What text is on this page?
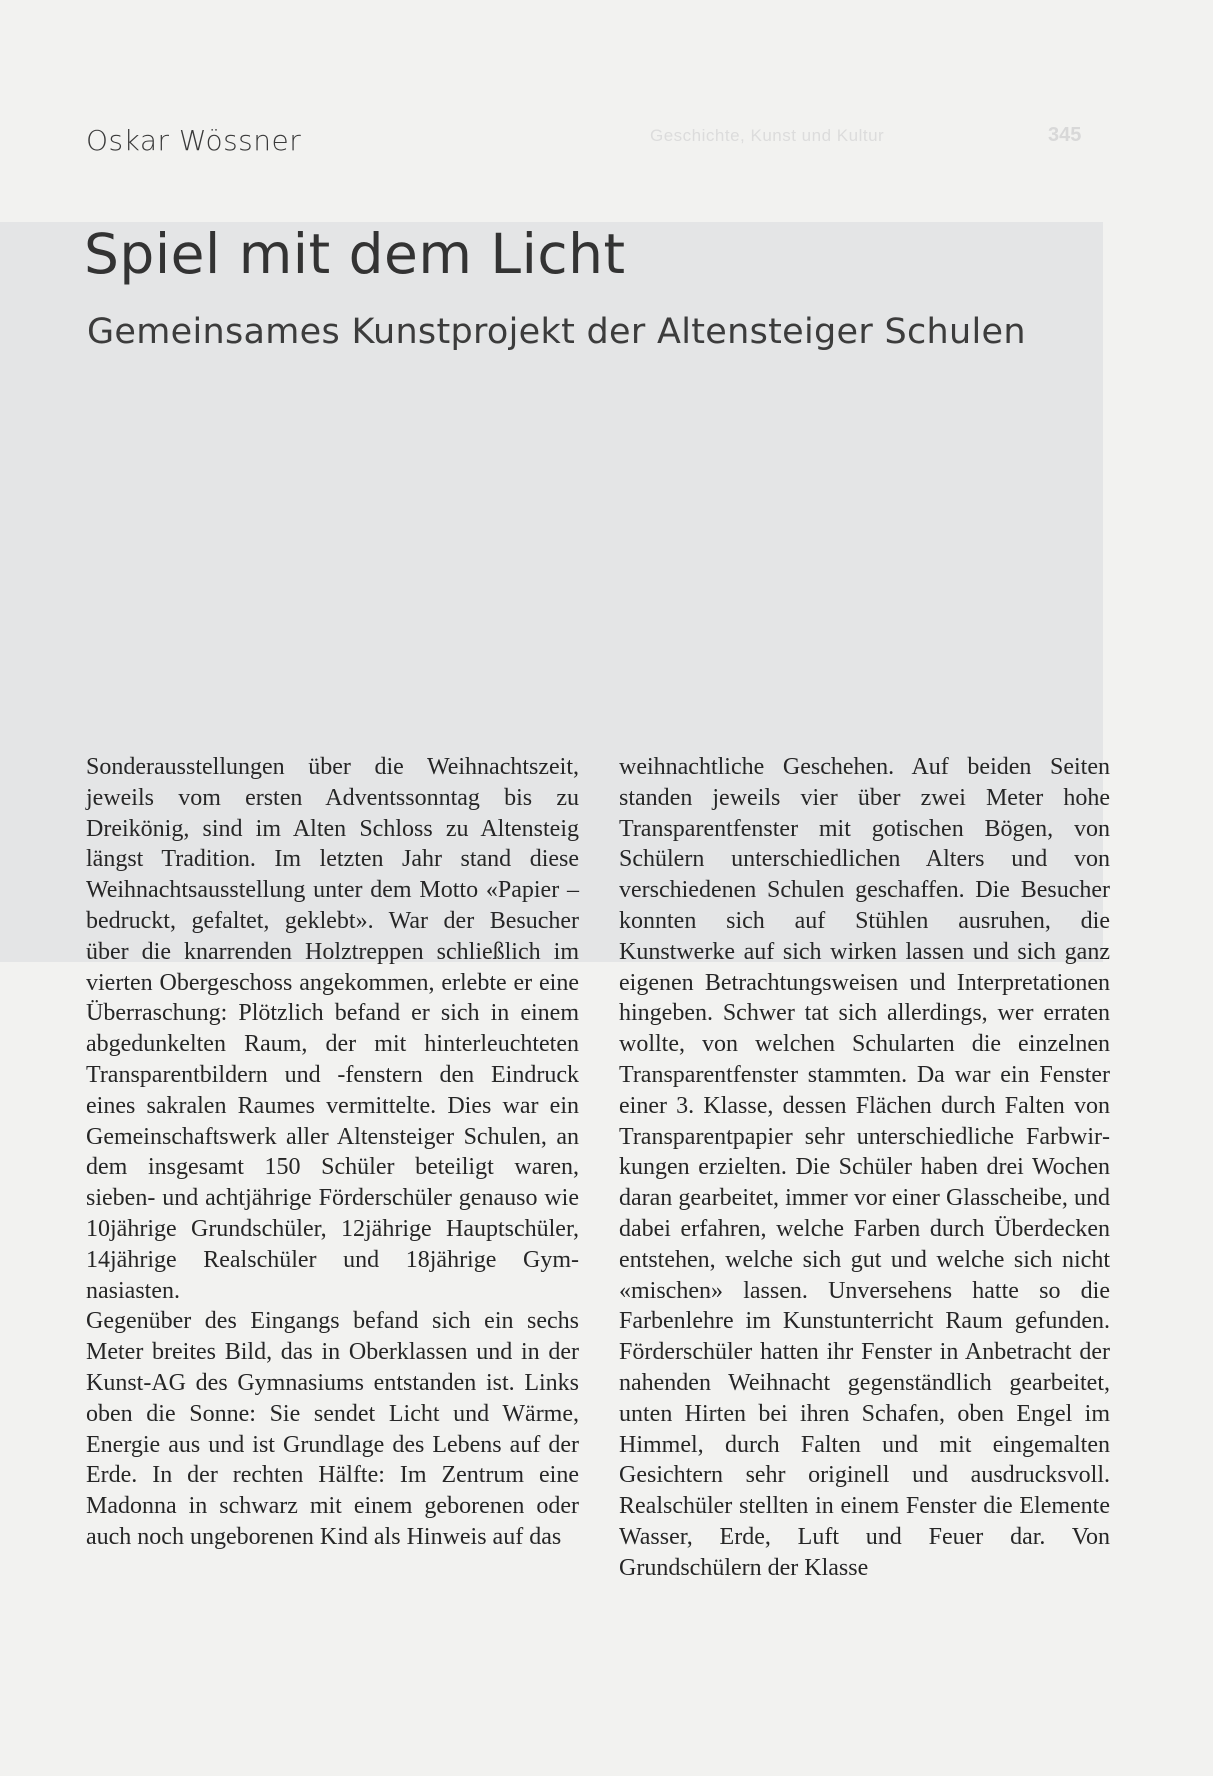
Geschichte, Kunst und Kultur	345
Oskar Wössner
Spiel mit dem Licht
Gemeinsames Kunstprojekt der Altensteiger Schulen

Sonderausstellungen über die Weihnachtszeit, jeweils vom ersten Adventssonntag bis zu Dreikönig, sind im Alten Schloss zu Altensteig längst Tradition. Im letzten Jahr stand diese Weihnachtsausstellung unter dem Motto «Papier – bedruckt, gefaltet, geklebt». War der Besucher über die knarrenden Holztreppen schließlich im vierten Obergeschoss angekommen, erlebte er eine Überraschung: Plötzlich befand er sich in einem abgedunkelten Raum, der mit hinterleuchteten Transparentbildern und -fenstern den Eindruck eines sakralen Raumes vermittelte. Dies war ein Gemeinschaftswerk aller Altensteiger Schulen, an dem insgesamt 150 Schüler beteiligt waren, sieben- und achtjährige Förderschüler genauso wie 10jährige Grundschüler, 12jährige Hauptschüler, 14jährige Realschüler und 18jährige Gymnasiasten.

Gegenüber des Eingangs befand sich ein sechs Meter breites Bild, das in Oberklassen und in der Kunst-AG des Gymnasiums entstanden ist. Links oben die Sonne: Sie sendet Licht und Wärme, Energie aus und ist Grundlage des Lebens auf der Erde. In der rechten Hälfte: Im Zentrum eine Madonna in schwarz mit einem geborenen oder auch noch ungeborenen Kind als Hinweis auf das

weihnachtliche Geschehen. Auf beiden Seiten standen jeweils vier über zwei Meter hohe Transparentfenster mit gotischen Bögen, von Schülern unterschiedlichen Alters und von verschiedenen Schulen geschaffen. Die Besucher konnten sich auf Stühlen ausruhen, die Kunstwerke auf sich wirken lassen und sich ganz eigenen Betrachtungsweisen und Interpretationen hingeben. Schwer tat sich allerdings, wer erraten wollte, von welchen Schularten die einzelnen Transparentfenster stammten. Da war ein Fenster einer 3. Klasse, dessen Flächen durch Falten von Transparentpapier sehr unterschiedliche Farbwirkungen erzielten. Die Schüler haben drei Wochen daran gearbeitet, immer vor einer Glasscheibe, und dabei erfahren, welche Farben durch Überdecken entstehen, welche sich gut und welche sich nicht «mischen» lassen. Unversehens hatte so die Farbenlehre im Kunstunterricht Raum gefunden. Förderschüler hatten ihr Fenster in Anbetracht der nahenden Weihnacht gegenständlich gearbeitet, unten Hirten bei ihren Schafen, oben Engel im Himmel, durch Falten und mit eingemalten Gesichtern sehr originell und ausdrucksvoll. Realschüler stellten in einem Fenster die Elemente Wasser, Erde, Luft und Feuer dar. Von Grundschülern der Klasse
